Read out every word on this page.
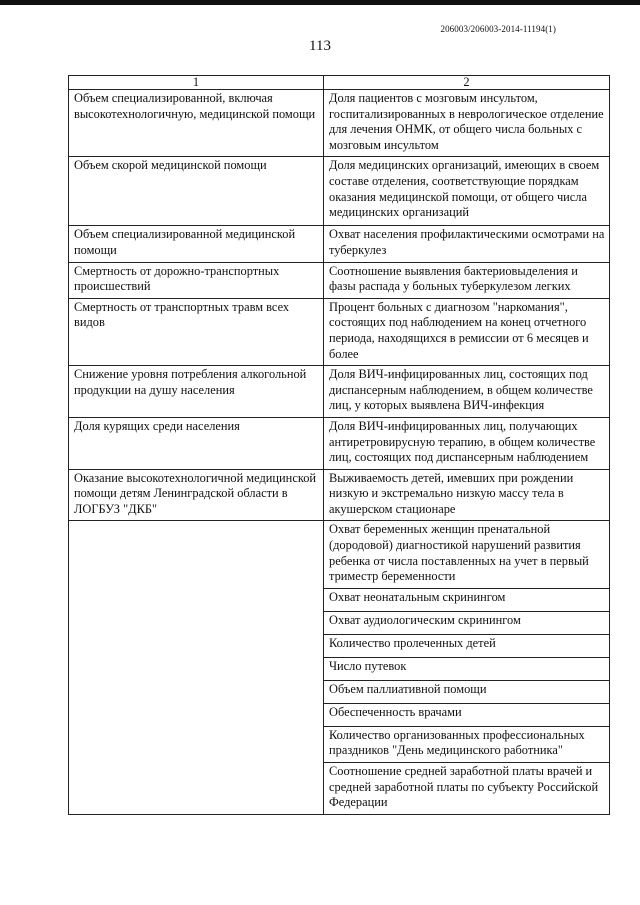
206003/206003-2014-11194(1)
113
1	2
Объем специализированной, включая высокотехнологичную, медицинской помощи	Доля пациентов с мозговым инсультом, госпитализированных в неврологическое отделение для лечения ОНМК, от общего числа больных с мозговым инсультом
Объем скорой медицинской помощи	Доля медицинских организаций, имеющих в своем составе отделения, соответствующие порядкам оказания медицинской помощи, от общего числа медицинских организаций
Объем специализированной медицинской помощи	Охват населения профилактическими осмотрами на туберкулез
Смертность от дорожно-транспортных происшествий	Соотношение выявления бактериовыделения и фазы распада у больных туберкулезом легких
Смертность от транспортных травм всех видов	Процент больных с диагнозом "наркомания", состоящих под наблюдением на конец отчетного периода, находящихся в ремиссии от 6 месяцев и более
Снижение уровня потребления алкогольной продукции на душу населения	Доля ВИЧ-инфицированных лиц, состоящих под диспансерным наблюдением, в общем количестве лиц, у которых выявлена ВИЧ-инфекция
Доля курящих среди населения	Доля ВИЧ-инфицированных лиц, получающих антиретровирусную терапию, в общем количестве лиц, состоящих под диспансерным наблюдением
Оказание высокотехнологичной медицинской помощи детям Ленинградской области в ЛОГБУЗ "ДКБ"	Выживаемость детей, имевших при рождении низкую и экстремально низкую массу тела в акушерском стационаре
	Охват беременных женщин пренатальной (дородовой) диагностикой нарушений развития ребенка от числа поставленных на учет в первый триместр беременности
	Охват неонатальным скринингом
	Охват аудиологическим скринингом
	Количество пролеченных детей
	Число путевок
	Объем паллиативной помощи
	Обеспеченность врачами
	Количество организованных профессиональных праздников "День медицинского работника"
	Соотношение средней заработной платы врачей и средней заработной платы по субъекту Российской Федерации
